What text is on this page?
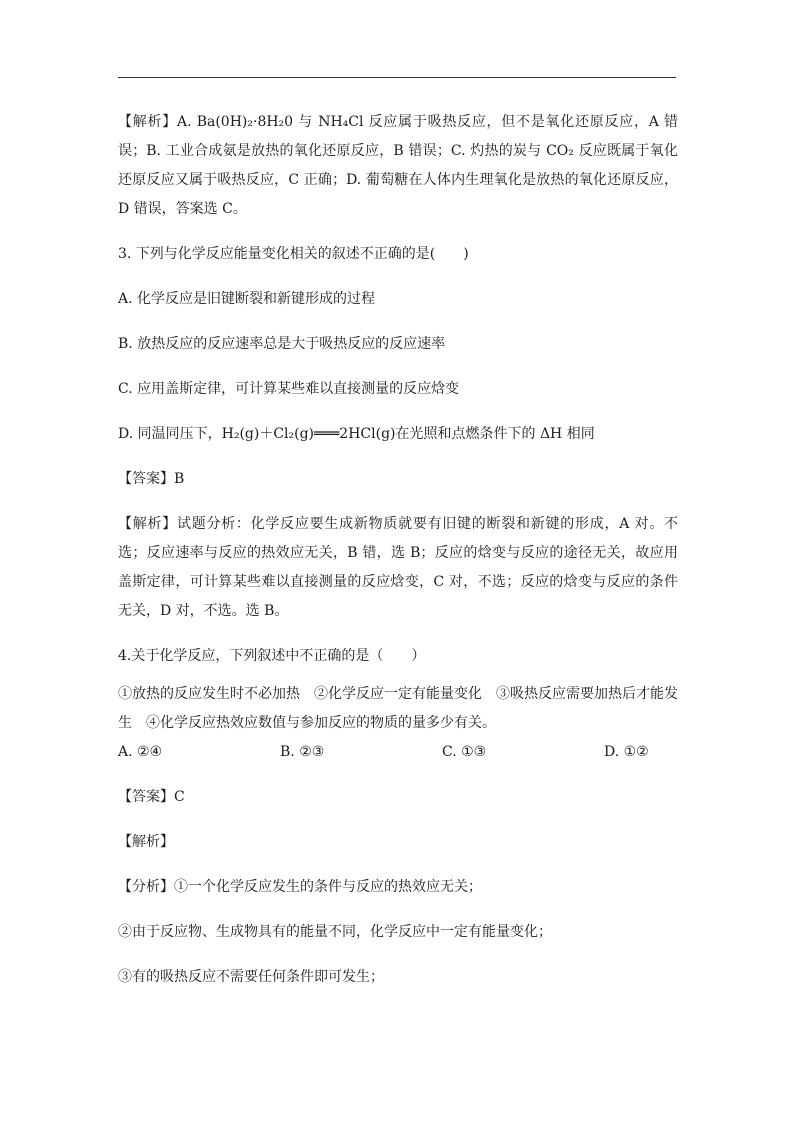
【解析】A. Ba(0H)₂·8H₂0 与 NH₄Cl 反应属于吸热反应，但不是氧化还原反应，A 错误；B. 工业合成氨是放热的氧化还原反应，B 错误；C. 灼热的炭与 CO₂ 反应既属于氧化还原反应又属于吸热反应，C 正确；D. 葡萄糖在人体内生理氧化是放热的氧化还原反应，D 错误，答案选 C。

3. 下列与化学反应能量变化相关的叙述不正确的是(　　)

A. 化学反应是旧键断裂和新键形成的过程

B. 放热反应的反应速率总是大于吸热反应的反应速率

C. 应用盖斯定律，可计算某些难以直接测量的反应焓变

D. 同温同压下，H₂(g)＋Cl₂(g)═══2HCl(g)在光照和点燃条件下的 ΔH 相同

【答案】B

【解析】试题分析：化学反应要生成新物质就要有旧键的断裂和新键的形成，A 对。不选；反应速率与反应的热效应无关，B 错，选 B；反应的焓变与反应的途径无关，故应用盖斯定律，可计算某些难以直接测量的反应焓变，C 对，不选；反应的焓变与反应的条件无关，D 对，不选。选 B。

4.关于化学反应，下列叙述中不正确的是（　　）

①放热的反应发生时不必加热　②化学反应一定有能量变化　③吸热反应需要加热后才能发生　④化学反应热效应数值与参加反应的物质的量多少有关。

A. ②④	B. ②③	C. ①③	D. ①②

【答案】C

【解析】

【分析】①一个化学反应发生的条件与反应的热效应无关；

②由于反应物、生成物具有的能量不同，化学反应中一定有能量变化；

③有的吸热反应不需要任何条件即可发生；
